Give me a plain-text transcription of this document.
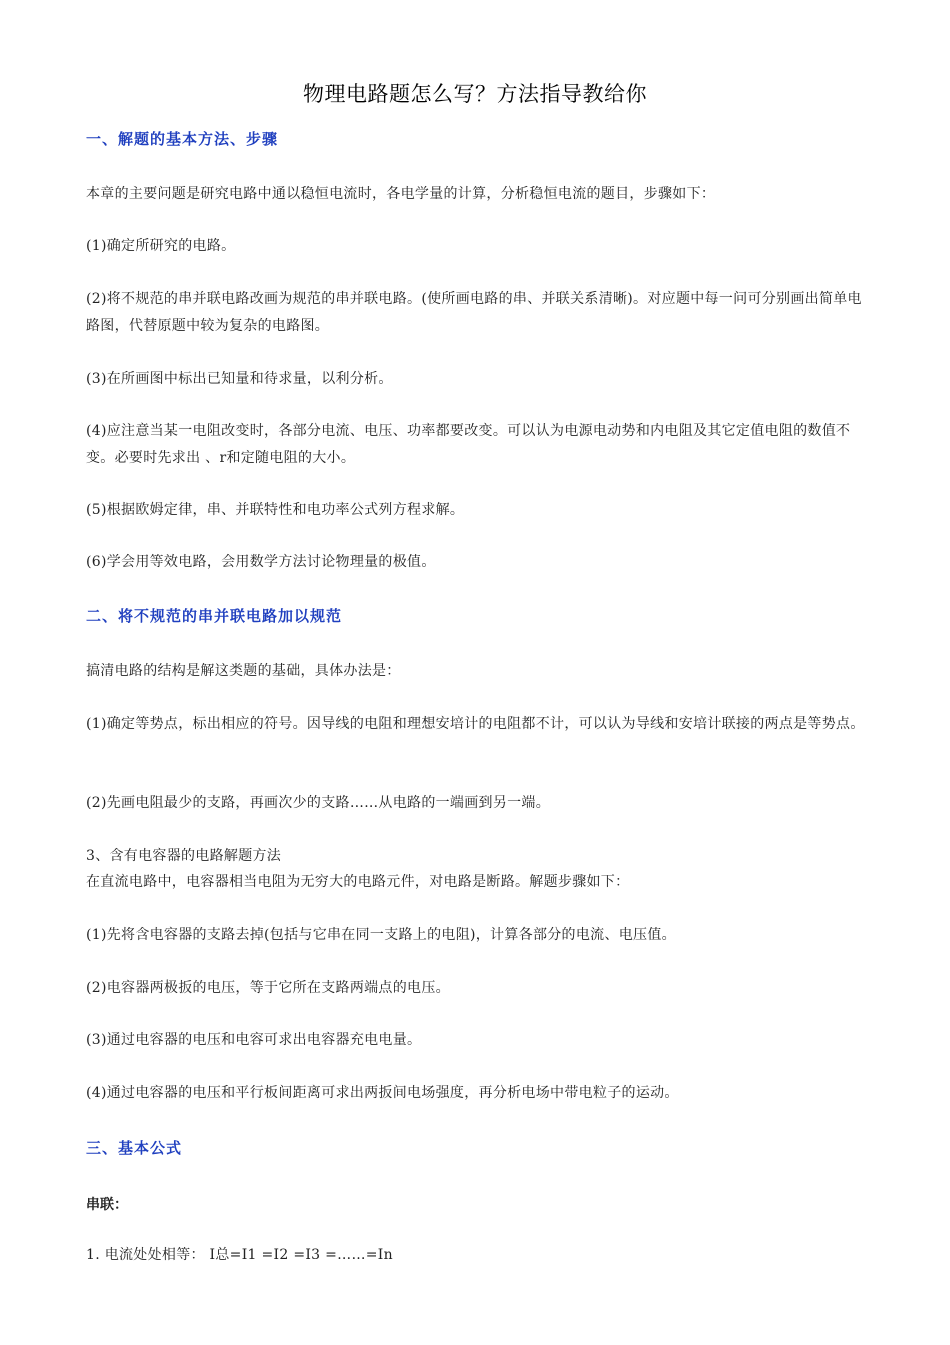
物理电路题怎么写？方法指导教给你
一、解题的基本方法、步骤
本章的主要问题是研究电路中通以稳恒电流时，各电学量的计算，分析稳恒电流的题目，步骤如下：
(1)确定所研究的电路。
(2)将不规范的串并联电路改画为规范的串并联电路。(使所画电路的串、并联关系清晰)。对应题中每一问可分别画出简单电路图，代替原题中较为复杂的电路图。
(3)在所画图中标出已知量和待求量，以利分析。
(4)应注意当某一电阻改变时，各部分电流、电压、功率都要改变。可以认为电源电动势和内电阻及其它定值电阻的数值不变。必要时先求出 、r和定随电阻的大小。
(5)根据欧姆定律，串、并联特性和电功率公式列方程求解。
(6)学会用等效电路，会用数学方法讨论物理量的极值。
二、将不规范的串并联电路加以规范
搞清电路的结构是解这类题的基础，具体办法是：
(1)确定等势点，标出相应的符号。因导线的电阻和理想安培计的电阻都不计，可以认为导线和安培计联接的两点是等势点。
(2)先画电阻最少的支路，再画次少的支路……从电路的一端画到另一端。
3、含有电容器的电路解题方法
在直流电路中，电容器相当电阻为无穷大的电路元件，对电路是断路。解题步骤如下：
(1)先将含电容器的支路去掉(包括与它串在同一支路上的电阻)，计算各部分的电流、电压值。
(2)电容器两极扳的电压，等于它所在支路两端点的电压。
(3)通过电容器的电压和电容可求出电容器充电电量。
(4)通过电容器的电压和平行板间距离可求出两扳间电场强度，再分析电场中带电粒子的运动。
三、基本公式
串联：
1. 电流处处相等： I总=I1 =I2 =I3 =……=In
